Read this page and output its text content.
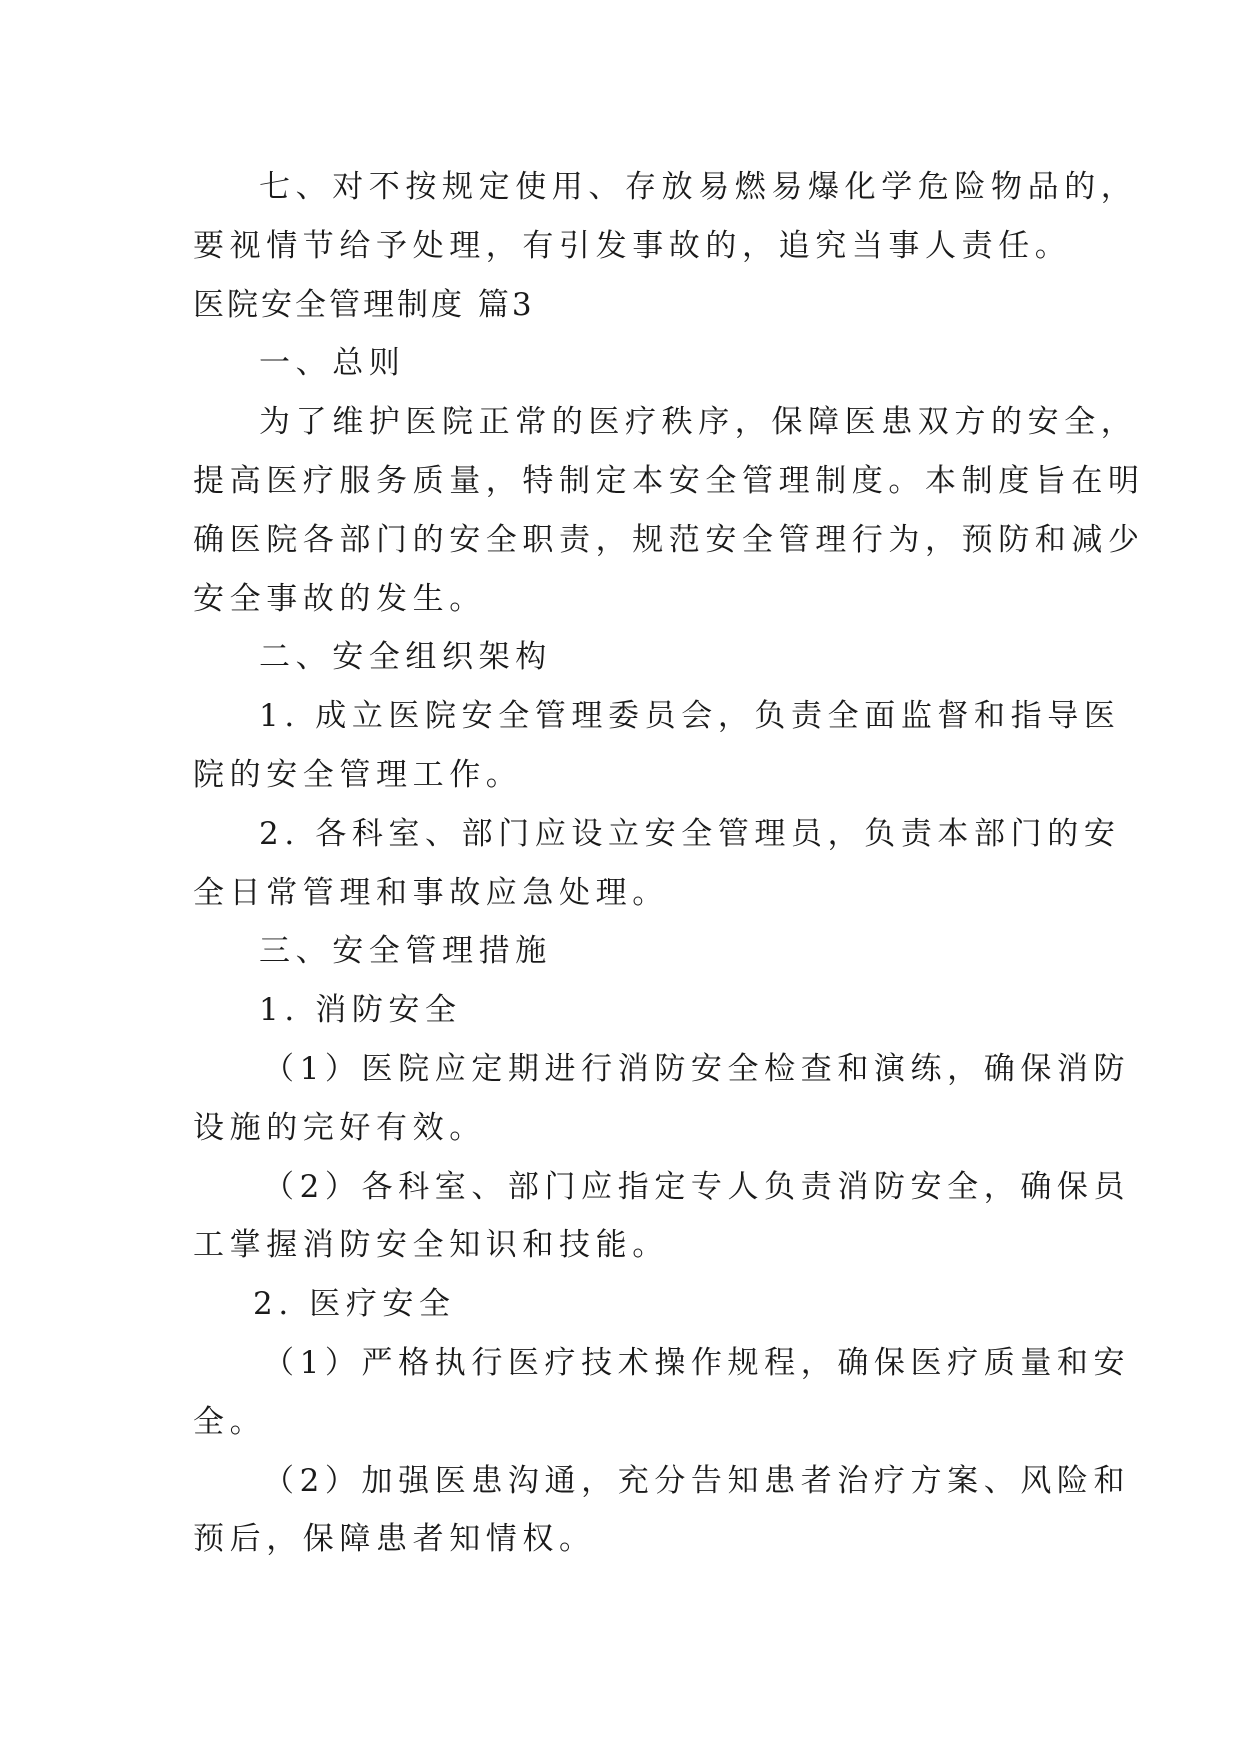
七、对不按规定使用、存放易燃易爆化学危险物品的，
要视情节给予处理，有引发事故的，追究当事人责任。
医院安全管理制度 篇3
一、总则
为了维护医院正常的医疗秩序，保障医患双方的安全，
提高医疗服务质量，特制定本安全管理制度。本制度旨在明
确医院各部门的安全职责，规范安全管理行为，预防和减少
安全事故的发生。
二、安全组织架构
1. 成立医院安全管理委员会，负责全面监督和指导医
院的安全管理工作。
2. 各科室、部门应设立安全管理员，负责本部门的安
全日常管理和事故应急处理。
三、安全管理措施
1. 消防安全
（1）医院应定期进行消防安全检查和演练，确保消防
设施的完好有效。
（2）各科室、部门应指定专人负责消防安全，确保员
工掌握消防安全知识和技能。
2. 医疗安全
（1）严格执行医疗技术操作规程，确保医疗质量和安
全。
（2）加强医患沟通，充分告知患者治疗方案、风险和
预后，保障患者知情权。
